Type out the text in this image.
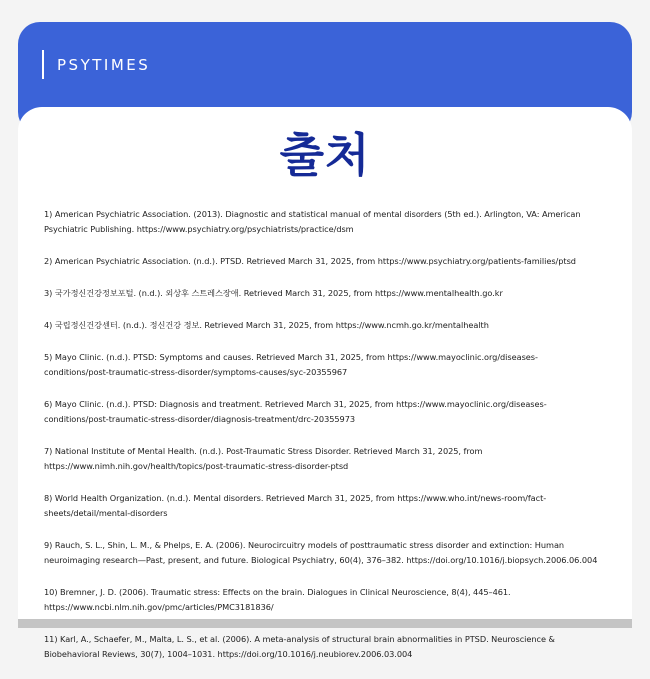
PSYTIMES
출처
1) American Psychiatric Association. (2013). Diagnostic and statistical manual of mental disorders (5th ed.). Arlington, VA: American
Psychiatric Publishing. https://www.psychiatry.org/psychiatrists/practice/dsm
2) American Psychiatric Association. (n.d.). PTSD. Retrieved March 31, 2025, from https://www.psychiatry.org/patients-families/ptsd
3) 국가정신건강정보포털. (n.d.). 외상후 스트레스장애. Retrieved March 31, 2025, from https://www.mentalhealth.go.kr
4) 국립정신건강센터. (n.d.). 정신건강 정보. Retrieved March 31, 2025, from https://www.ncmh.go.kr/mentalhealth
5) Mayo Clinic. (n.d.). PTSD: Symptoms and causes. Retrieved March 31, 2025, from https://www.mayoclinic.org/diseases-
conditions/post-traumatic-stress-disorder/symptoms-causes/syc-20355967
6) Mayo Clinic. (n.d.). PTSD: Diagnosis and treatment. Retrieved March 31, 2025, from https://www.mayoclinic.org/diseases-
conditions/post-traumatic-stress-disorder/diagnosis-treatment/drc-20355973
7) National Institute of Mental Health. (n.d.). Post-Traumatic Stress Disorder. Retrieved March 31, 2025, from
https://www.nimh.nih.gov/health/topics/post-traumatic-stress-disorder-ptsd
8) World Health Organization. (n.d.). Mental disorders. Retrieved March 31, 2025, from https://www.who.int/news-room/fact-
sheets/detail/mental-disorders
9) Rauch, S. L., Shin, L. M., & Phelps, E. A. (2006). Neurocircuitry models of posttraumatic stress disorder and extinction: Human
neuroimaging research—Past, present, and future. Biological Psychiatry, 60(4), 376–382. https://doi.org/10.1016/j.biopsych.2006.06.004
10) Bremner, J. D. (2006). Traumatic stress: Effects on the brain. Dialogues in Clinical Neuroscience, 8(4), 445–461.
https://www.ncbi.nlm.nih.gov/pmc/articles/PMC3181836/
11) Karl, A., Schaefer, M., Malta, L. S., et al. (2006). A meta-analysis of structural brain abnormalities in PTSD. Neuroscience &
Biobehavioral Reviews, 30(7), 1004–1031. https://doi.org/10.1016/j.neubiorev.2006.03.004
